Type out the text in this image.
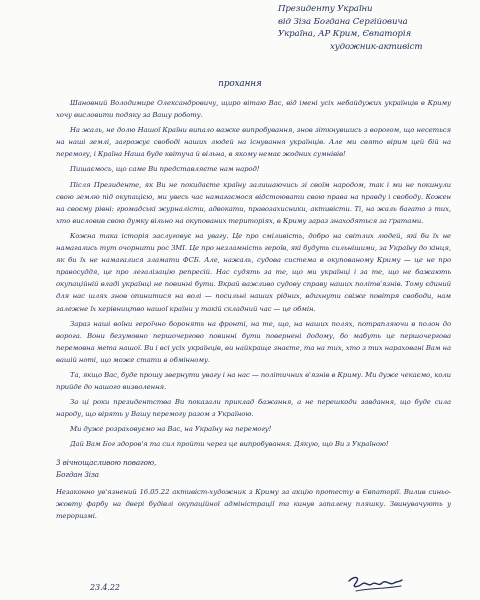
Президенту України
від Зіза Богдана Сергійовича
Україна, АР Крим, Євпаторія
художник-активіст
прохання

Шановний Володимире Олександровичу, щиро вітаю Вас, від імені усіх небайдужих українців в Криму хочу висловити подяку за Вашу роботу.

На жаль, не долю Нашої Країни випало важке випробування, знов зіткнувшись з ворогом, що несеться на наші землі, загрожує свободі наших людей на існування українців. Але ми свято вірим цей бій на перемогу, і Країна Наша буде квітуча й вільна, в якому немає жодних сумнівів!

Пишаємось, що саме Ви представляєте нам народ!

Після Президенте, як Ви не покидаєте країну залишаючись зі своїм народом, так і ми не покинули свою землю під окупацією, ми увесь час намагаємося відстоювати свою права на правду і свободу. Кожен на своєму рівні: громадські журналісти, адвокати, правозахисники, активісти. Ті, на жаль багато з тих, хто висловив свою думку вільно на окупованих територіях, в Криму зараз знаходяться за ґратами.

Кожна така історія заслуговує на увагу. Це про сміливість, добро на світлих людей, які би їх не намагались тут очорнити рос ЗМІ. Це про незламність героїв, які будуть сильнішими, за Україну до кінця, як би їх не намагалися зламати ФСБ. Але, нажаль, судова система в окупованому Криму — це не про правосуддя, це про легалізацію репресій. Нас судять за те, що ми українці і за те, що не бажають окупаційній владі українці не повинні бути. Вкрай важливо судову справу наших політв'язнів. Тому єдиний для нас шлях знов опинитися на волі — посильні наших рідних, вдихнути свіже повітря свободи, нам залежне їх керівництво нашої країни у такій складний час — це обмін.

Зараз наші воїни героїчно боронять на фронті, на те, що, на наших полях, потрапляючи в полон до ворога. Вони безумовно першочергово повинні бути повернені додому, бо мабуть це першочергова перемовна мета нашої. Ви і всі усіх українців, ви найкраще знаєте, та на тих, хто з тих нараховані Вам на вашій ноті, що може стати в обмінному.

Та, якщо Вас, буде прошу звернути увагу і на нас — політичних в'язнів в Криму. Ми дуже чекаємо, коли прийде до нашого визволення.

За ці роки президентства Ви показали приклад бажання, а не перешкоди завдання, що буде сила народу, що вірять у Вашу перемогу разом з Україною.

Ми дуже розраховуємо на Вас, на Україну на перемогу!

Дай Вам Бог здоров'я та сил пройти через це випробування. Дякую, що Ви з Україною!

З вічнощасливою повагою,
Богдан Зіза
Незаконно ув'язнений 16.05.22 активіст-художник з Криму за акцію протесту в Євпаторії. Вилив синьо-жовту фарбу на двері будівлі окупаційної адміністрації та кинув запалену пляшку. Звинувачують у тероризмі.
23.4.22
